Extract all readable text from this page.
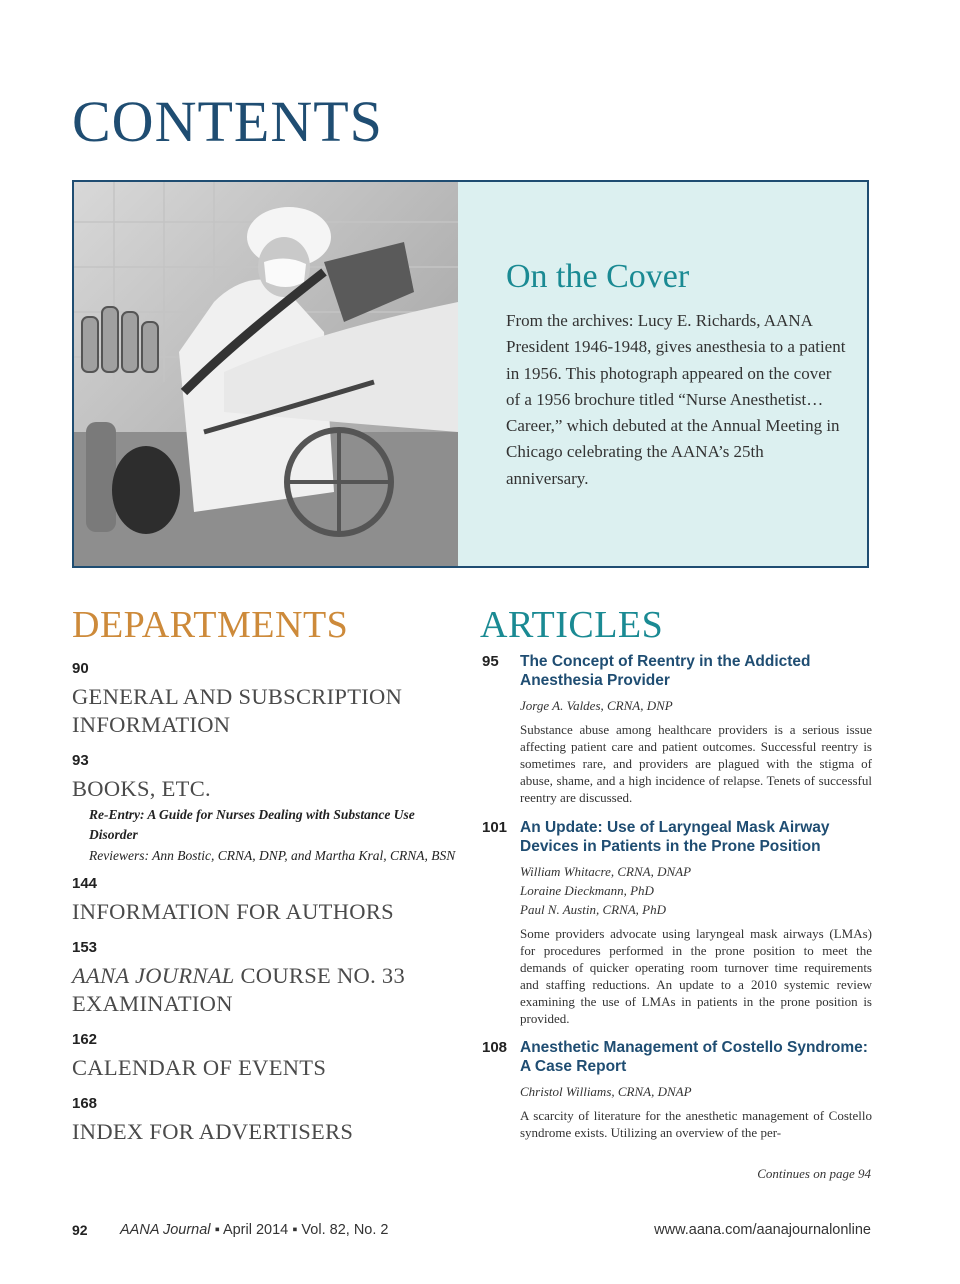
CONTENTS
On the Cover

From the archives: Lucy E. Richards, AANA President 1946-1948, gives anesthesia to a patient in 1956. This photograph appeared on the cover of a 1956 brochure titled “Nurse Anesthetist…Career,” which debuted at the Annual Meeting in Chicago celebrating the AANA’s 25th anniversary.

DEPARTMENTS	ARTICLES
90
GENERAL AND SUBSCRIPTION INFORMATION
93
BOOKS, ETC.
Re-Entry: A Guide for Nurses Dealing with Substance Use Disorder
Reviewers: Ann Bostic, CRNA, DNP, and Martha Kral, CRNA, BSN
144
INFORMATION FOR AUTHORS
153
AANA JOURNAL COURSE NO. 33 EXAMINATION
162
CALENDAR OF EVENTS
168
INDEX FOR ADVERTISERS
95 The Concept of Reentry in the Addicted Anesthesia Provider
Jorge A. Valdes, CRNA, DNP
Substance abuse among healthcare providers is a serious issue affecting patient care and patient outcomes. Successful reentry is sometimes rare, and providers are plagued with the stigma of abuse, shame, and a high incidence of relapse. Tenets of successful reentry are discussed.
101 An Update: Use of Laryngeal Mask Airway Devices in Patients in the Prone Position
William Whitacre, CRNA, DNAP
Loraine Dieckmann, PhD
Paul N. Austin, CRNA, PhD
Some providers advocate using laryngeal mask airways (LMAs) for procedures performed in the prone position to meet the demands of quicker operating room turnover time requirements and staffing reductions. An update to a 2010 systemic review examining the use of LMAs in patients in the prone position is provided.
108 Anesthetic Management of Costello Syndrome: A Case Report
Christol Williams, CRNA, DNAP
A scarcity of literature for the anesthetic management of Costello syndrome exists. Utilizing an overview of the per-
Continues on page 94
92 AANA Journal ▪ April 2014 ▪ Vol. 82, No. 2	www.aana.com/aanajournalonline
